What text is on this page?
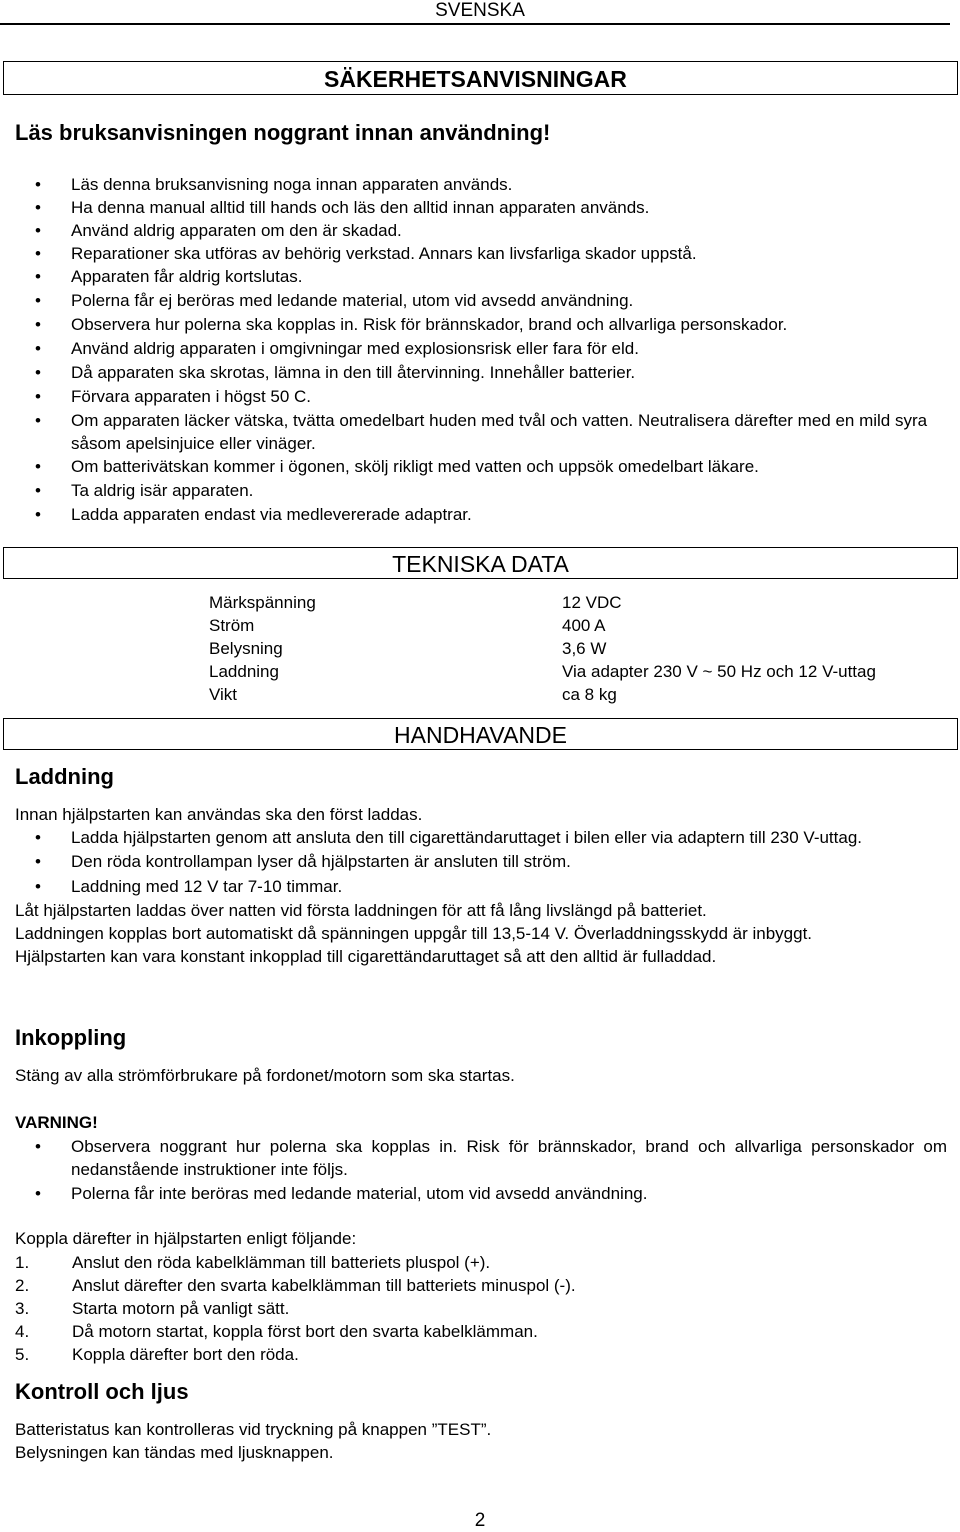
SVENSKA
SÄKERHETSANVISNINGAR
Läs bruksanvisningen noggrant innan användning!
• Läs denna bruksanvisning noga innan apparaten används.
• Ha denna manual alltid till hands och läs den alltid innan apparaten används.
• Använd aldrig apparaten om den är skadad.
• Reparationer ska utföras av behörig verkstad. Annars kan livsfarliga skador uppstå.
• Apparaten får aldrig kortslutas.
• Polerna får ej beröras med ledande material, utom vid avsedd användning.
• Observera hur polerna ska kopplas in. Risk för brännskador, brand och allvarliga personskador.
• Använd aldrig apparaten i omgivningar med explosionsrisk eller fara för eld.
• Då apparaten ska skrotas, lämna in den till återvinning. Innehåller batterier.
• Förvara apparaten i högst 50 C.
• Om apparaten läcker vätska, tvätta omedelbart huden med tvål och vatten. Neutralisera därefter med en mild syra såsom apelsinjuice eller vinäger.
• Om batterivätskan kommer i ögonen, skölj rikligt med vatten och uppsök omedelbart läkare.
• Ta aldrig isär apparaten.
• Ladda apparaten endast via medlevererade adaptrar.
TEKNISKA DATA
Märkspänning	12 VDC
Ström	400 A
Belysning	3,6 W
Laddning	Via adapter 230 V ~ 50 Hz och 12 V-uttag
Vikt	ca 8 kg
HANDHAVANDE
Laddning
Innan hjälpstarten kan användas ska den först laddas.
• Ladda hjälpstarten genom att ansluta den till cigarettändaruttaget i bilen eller via adaptern till 230 V-uttag.
• Den röda kontrollampan lyser då hjälpstarten är ansluten till ström.
• Laddning med 12 V tar 7-10 timmar.
Låt hjälpstarten laddas över natten vid första laddningen för att få lång livslängd på batteriet.
Laddningen kopplas bort automatiskt då spänningen uppgår till 13,5-14 V. Överladdningsskydd är inbyggt.
Hjälpstarten kan vara konstant inkopplad till cigarettändaruttaget så att den alltid är fulladdad.
Inkoppling
Stäng av alla strömförbrukare på fordonet/motorn som ska startas.
VARNING!
• Observera noggrant hur polerna ska kopplas in. Risk för brännskador, brand och allvarliga personskador om nedanstående instruktioner inte följs.
• Polerna får inte beröras med ledande material, utom vid avsedd användning.
Koppla därefter in hjälpstarten enligt följande:
1.	Anslut den röda kabelklämman till batteriets pluspol (+).
2.	Anslut därefter den svarta kabelklämman till batteriets minuspol (-).
3.	Starta motorn på vanligt sätt.
4.	Då motorn startat, koppla först bort den svarta kabelklämman.
5.	Koppla därefter bort den röda.
Kontroll och ljus
Batteristatus kan kontrolleras vid tryckning på knappen ”TEST”.
Belysningen kan tändas med ljusknappen.
2
